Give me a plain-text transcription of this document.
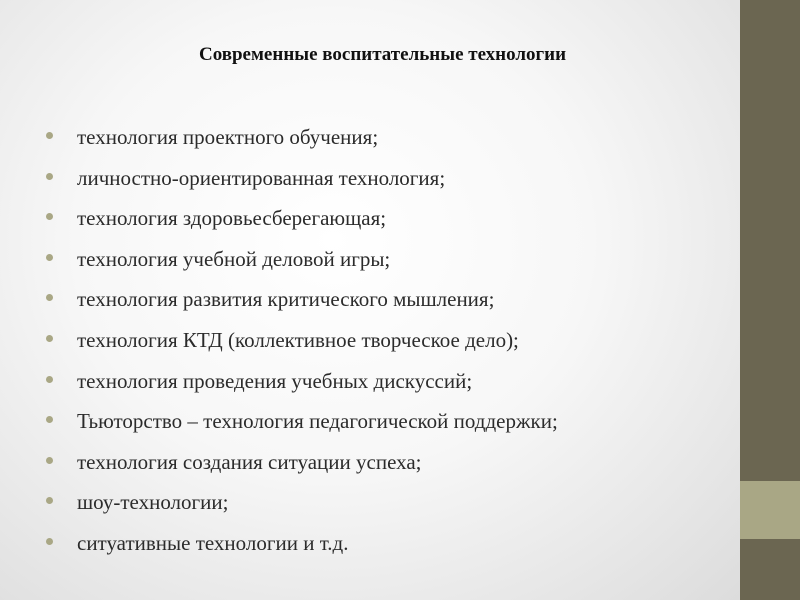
Современные воспитательные технологии
технология проектного обучения;
личностно-ориентированная технология;
технология здоровьесберегающая;
технология учебной деловой игры;
технология развития критического мышления;
технология КТД (коллективное творческое дело);
технология проведения учебных дискуссий;
Тьюторство – технология педагогической поддержки;
технология создания ситуации успеха;
шоу-технологии;
ситуативные технологии и т.д.
